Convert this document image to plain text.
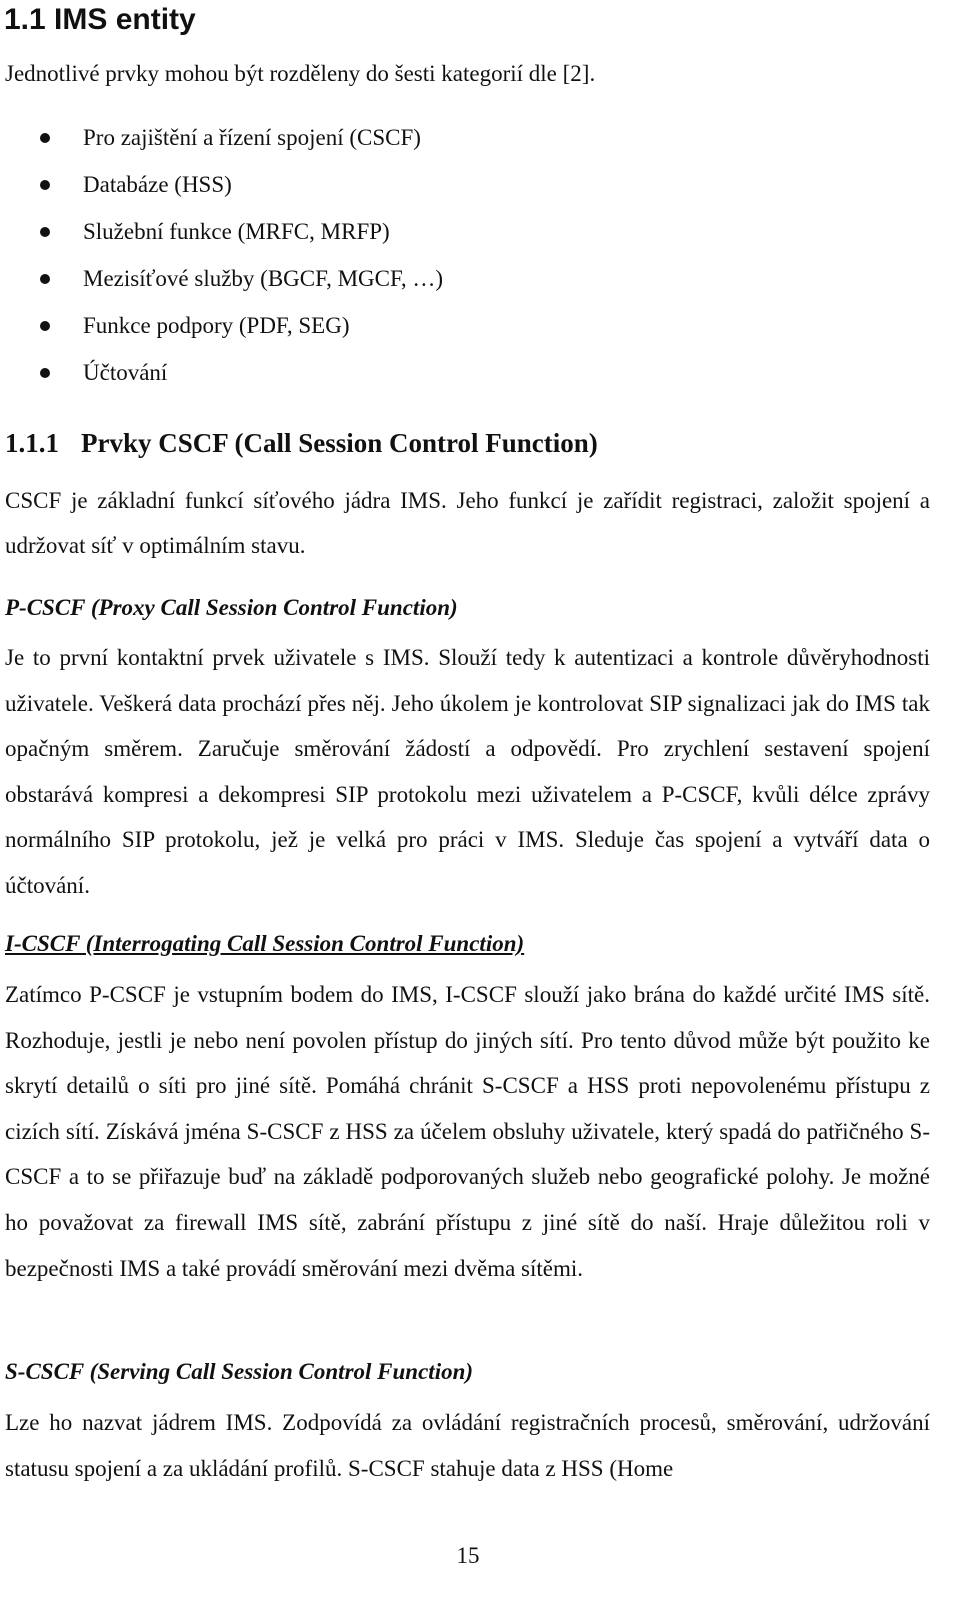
1.1 IMS entity
Jednotlivé prvky mohou být rozděleny do šesti kategorií dle [2].
Pro zajištění a řízení spojení (CSCF)
Databáze (HSS)
Služební funkce (MRFC, MRFP)
Mezisíťové služby (BGCF, MGCF, …)
Funkce podpory (PDF, SEG)
Účtování
1.1.1 Prvky CSCF (Call Session Control Function)

CSCF je základní funkcí síťového jádra IMS. Jeho funkcí je zařídit registraci, založit spojení a udržovat síť v optimálním stavu.

P-CSCF (Proxy Call Session Control Function)

Je to první kontaktní prvek uživatele s IMS. Slouží tedy k autentizaci a kontrole důvěryhodnosti uživatele. Veškerá data prochází přes něj. Jeho úkolem je kontrolovat SIP signalizaci jak do IMS tak opačným směrem. Zaručuje směrování žádostí a odpovědí. Pro zrychlení sestavení spojení obstarává kompresi a dekompresi SIP protokolu mezi uživatelem a P-CSCF, kvůli délce zprávy normálního SIP protokolu, jež je velká pro práci v IMS. Sleduje čas spojení a vytváří data o účtování.

I-CSCF (Interrogating Call Session Control Function)

Zatímco P-CSCF je vstupním bodem do IMS, I-CSCF slouží jako brána do každé určité IMS sítě. Rozhoduje, jestli je nebo není povolen přístup do jiných sítí. Pro tento důvod může být použito ke skrytí detailů o síti pro jiné sítě. Pomáhá chránit S-CSCF a HSS proti nepovolenému přístupu z cizích sítí. Získává jména S-CSCF z HSS za účelem obsluhy uživatele, který spadá do patřičného S-CSCF a to se přiřazuje buď na základě podporovaných služeb nebo geografické polohy. Je možné ho považovat za firewall IMS sítě, zabrání přístupu z jiné sítě do naší. Hraje důležitou roli v bezpečnosti IMS a také provádí směrování mezi dvěma sítěmi.

S-CSCF (Serving Call Session Control Function)

Lze ho nazvat jádrem IMS. Zodpovídá za ovládání registračních procesů, směrování, udržování statusu spojení a za ukládání profilů. S-CSCF stahuje data z HSS (Home

15
